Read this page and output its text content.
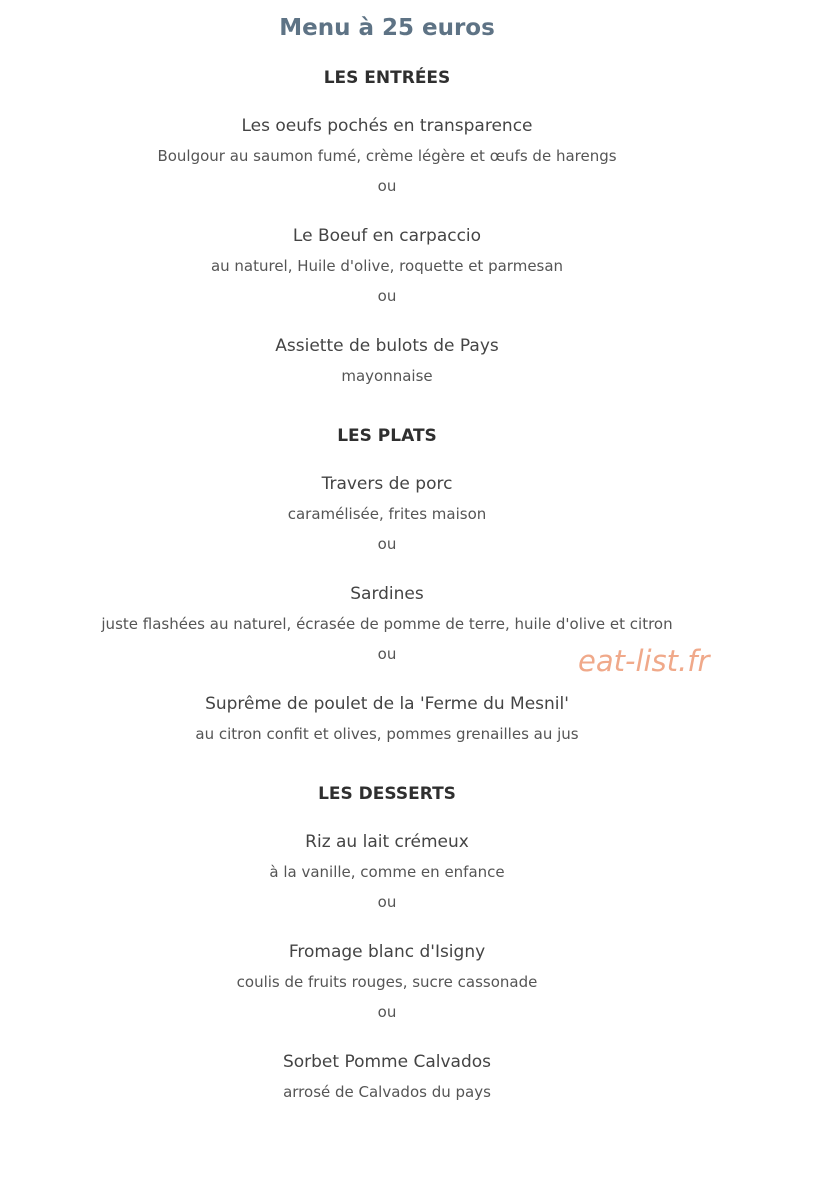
Menu à 25 euros
LES ENTRÉES
Les oeufs pochés en transparence
Boulgour au saumon fumé, crème légère et œufs de harengs
ou
Le Boeuf en carpaccio
au naturel, Huile d'olive, roquette et parmesan
ou
Assiette de bulots de Pays
mayonnaise
LES PLATS
Travers de porc
caramélisée, frites maison
ou
Sardines
juste flashées au naturel, écrasée de pomme de terre, huile d'olive et citron
ou
Suprême de poulet de la 'Ferme du Mesnil'
au citron confit et olives, pommes grenailles au jus
LES DESSERTS
Riz au lait crémeux
à la vanille, comme en enfance
ou
Fromage blanc d'Isigny
coulis de fruits rouges, sucre cassonade
ou
Sorbet Pomme Calvados
arrosé de Calvados du pays
eat-list.fr
